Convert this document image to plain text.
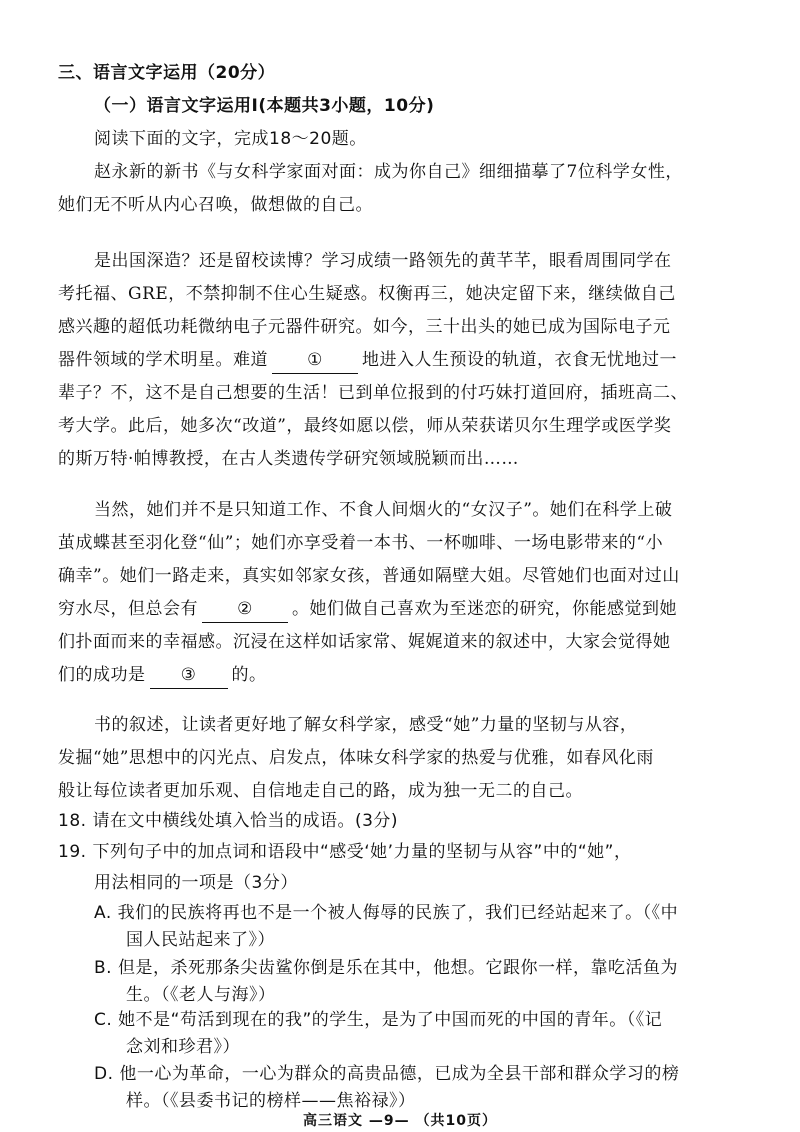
三、语言文字运用（20分）
（一）语言文字运用Ⅰ(本题共3小题，10分)
阅读下面的文字，完成18～20题。
赵永新的新书《与女科学家面对面：成为你自己》细细描摹了7位科学女性，
她们无不听从内心召唤，做想做的自己。
是出国深造？还是留校读博？学习成绩一路领先的黄芊芊，眼看周围同学在
考托福、GRE，不禁抑制不住心生疑惑。权衡再三，她决定留下来，继续做自己
感兴趣的超低功耗微纳电子元器件研究。如今，三十出头的她已成为国际电子元
器件领域的学术明星。难道 ① 地进入人生预设的轨道，衣食无忧地过一
辈子？不，这不是自己想要的生活！已到单位报到的付巧妹打道回府，插班高二、
考大学。此后，她多次“改道”，最终如愿以偿，师从荣获诺贝尔生理学或医学奖
的斯万特·帕博教授，在古人类遗传学研究领域脱颖而出……
当然，她们并不是只知道工作、不食人间烟火的“女汉子”。她们在科学上破
茧成蝶甚至羽化登“仙”；她们亦享受着一本书、一杯咖啡、一场电影带来的“小
确幸”。她们一路走来，真实如邻家女孩，普通如隔壁大姐。尽管她们也面对过山
穷水尽，但总会有 ② 。她们做自己喜欢为至迷恋的研究，你能感觉到她
们扑面而来的幸福感。沉浸在这样如话家常、娓娓道来的叙述中，大家会觉得她
们的成功是 ③ 的。
书的叙述，让读者更好地了解女科学家，感受“她”力量的坚韧与从容，
发掘“她”思想中的闪光点、启发点，体味女科学家的热爱与优雅，如春风化雨
般让每位读者更加乐观、自信地走自己的路，成为独一无二的自己。
18. 请在文中横线处填入恰当的成语。(3分)
19. 下列句子中的加点词和语段中“感受‘她’力量的坚韧与从容”中的“她”，
用法相同的一项是（3分）
A. 我们的民族将再也不是一个被人侮辱的民族了，我们已经站起来了。（《中
国人民站起来了》）
B. 但是，杀死那条尖齿鲨你倒是乐在其中，他想。它跟你一样，靠吃活鱼为
生。（《老人与海》）
高三语文 —9— （共10页）
C. 她不是“苟活到现在的我”的学生，是为了中国而死的中国的青年。（《记
念刘和珍君》）
D. 他一心为革命，一心为群众的高贵品德，已成为全县干部和群众学习的榜
样。（《县委书记的榜样——焦裕禄》）
